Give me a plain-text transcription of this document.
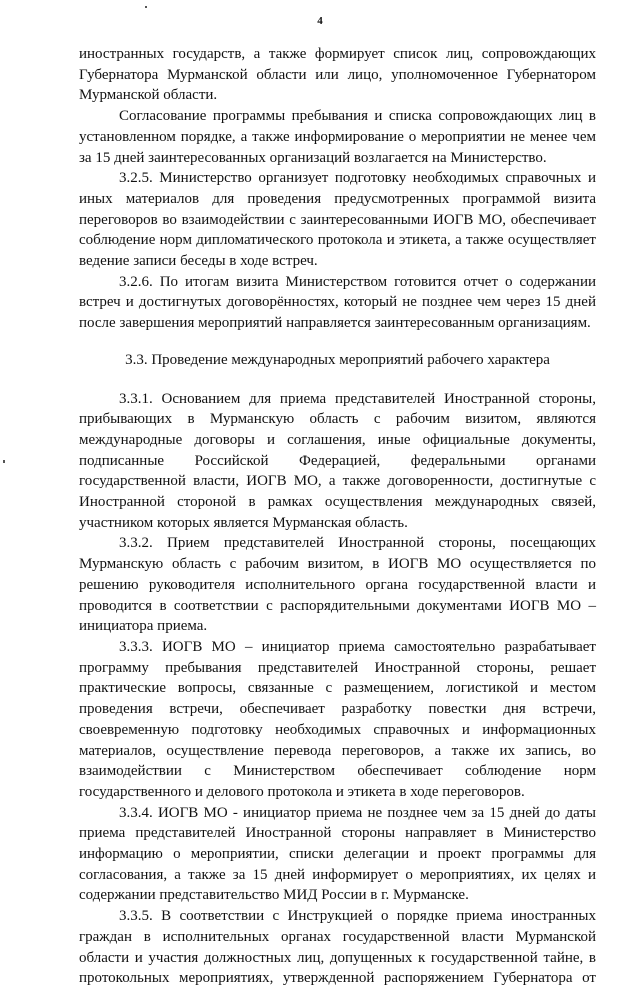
4

иностранных государств, а также формирует список лиц, сопровождающих Губернатора Мурманской области или лицо, уполномоченное Губернатором Мурманской области.

Согласование программы пребывания и списка сопровождающих лиц в установленном порядке, а также информирование о мероприятии не менее чем за 15 дней заинтересованных организаций возлагается на Министерство.

3.2.5. Министерство организует подготовку необходимых справочных и иных материалов для проведения предусмотренных программой визита переговоров во взаимодействии с заинтересованными ИОГВ МО, обеспечивает соблюдение норм дипломатического протокола и этикета, а также осуществляет ведение записи беседы в ходе встреч.

3.2.6. По итогам визита Министерством готовится отчет о содержании встреч и достигнутых договорённостях, который не позднее чем через 15 дней после завершения мероприятий направляется заинтересованным организациям.

3.3. Проведение международных мероприятий рабочего характера

3.3.1. Основанием для приема представителей Иностранной стороны, прибывающих в Мурманскую область с рабочим визитом, являются международные договоры и соглашения, иные официальные документы, подписанные Российской Федерацией, федеральными органами государственной власти, ИОГВ МО, а также договоренности, достигнутые с Иностранной стороной в рамках осуществления международных связей, участником которых является Мурманская область.

3.3.2. Прием представителей Иностранной стороны, посещающих Мурманскую область с рабочим визитом, в ИОГВ МО осуществляется по решению руководителя исполнительного органа государственной власти и проводится в соответствии с распорядительными документами ИОГВ МО – инициатора приема.

3.3.3. ИОГВ МО – инициатор приема самостоятельно разрабатывает программу пребывания представителей Иностранной стороны, решает практические вопросы, связанные с размещением, логистикой и местом проведения встречи, обеспечивает разработку повестки дня встречи, своевременную подготовку необходимых справочных и информационных материалов, осуществление перевода переговоров, а также их запись, во взаимодействии с Министерством обеспечивает соблюдение норм государственного и делового протокола и этикета в ходе переговоров.

3.3.4. ИОГВ МО - инициатор приема не позднее чем за 15 дней до даты приема представителей Иностранной стороны направляет в Министерство информацию о мероприятии, списки делегации и проект программы для согласования, а также за 15 дней информирует о мероприятиях, их целях и содержании представительство МИД России в г. Мурманске.

3.3.5. В соответствии с Инструкцией о порядке приема иностранных граждан в исполнительных органах государственной власти Мурманской области и участия должностных лиц, допущенных к государственной тайне, в протокольных мероприятиях, утвержденной распоряжением Губернатора от
